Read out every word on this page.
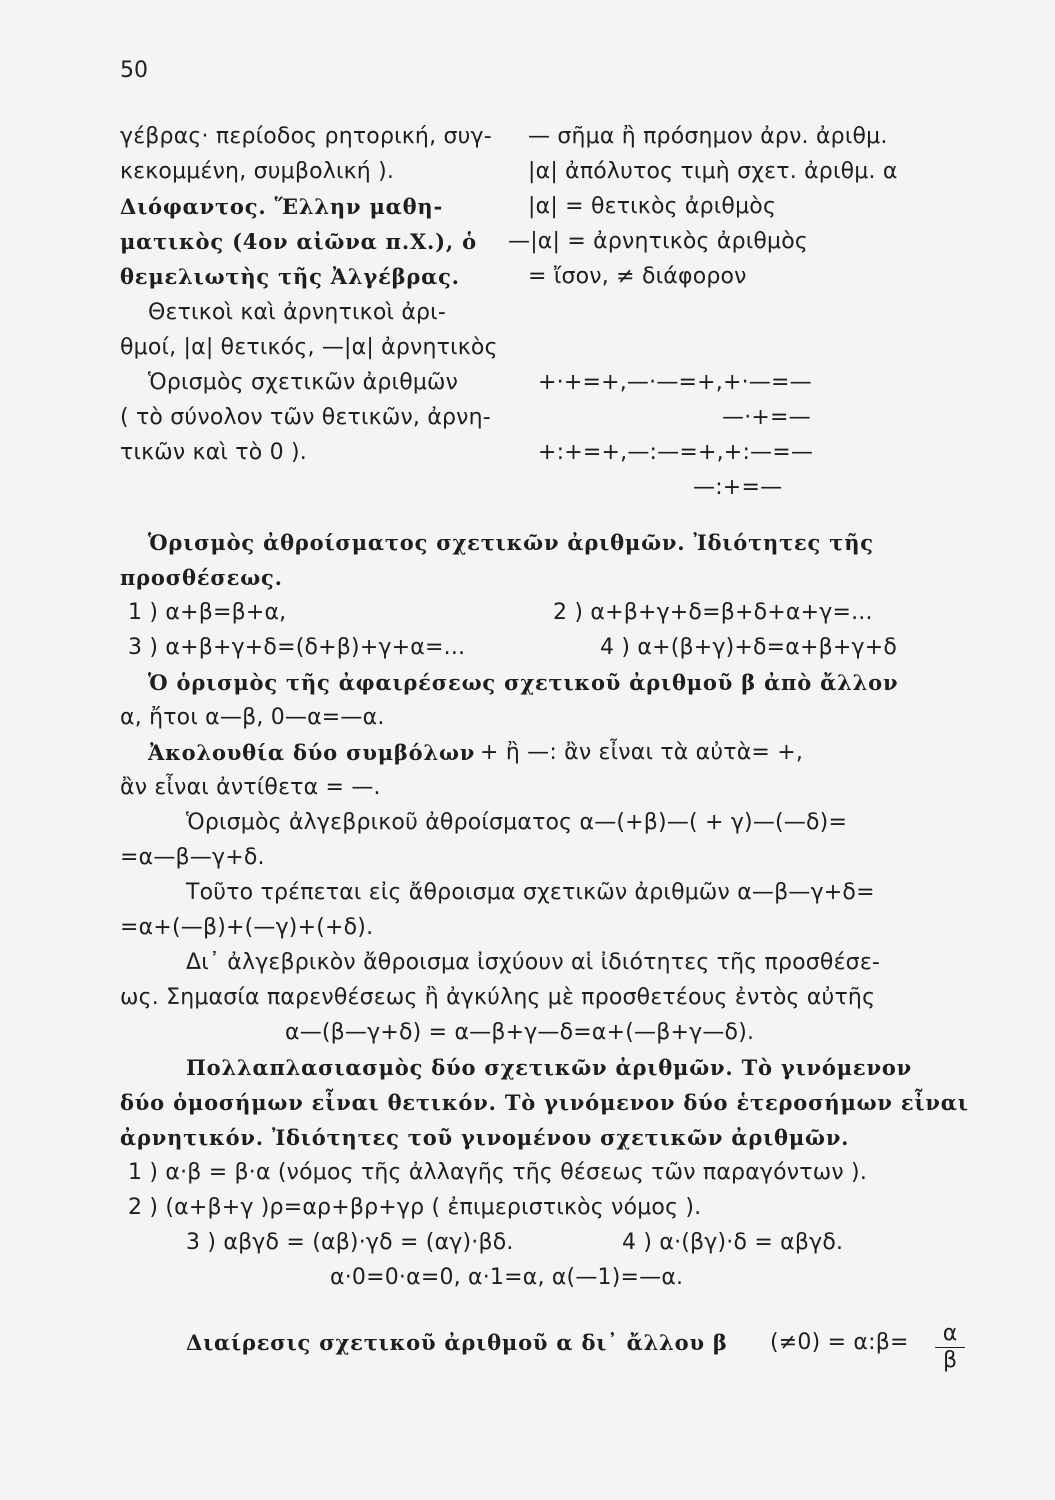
50
γέβρας· περίοδος ρητορική, συγ-
κεκομμένη, συμβολική ).
Διόφαντος. Ἕλλην μαθη-
ματικὸς (4ον αἰῶνα π.Χ.), ὁ
θεμελιωτὴς τῆς Ἀλγέβρας.
Θετικοὶ καὶ ἀρνητικοὶ ἀρι-
θμοί, |α| θετικός, —|α| ἀρνητικὸς
Ὁρισμὸς σχετικῶν ἀριθμῶν
( τὸ σύνολον τῶν θετικῶν, ἀρνη-
τικῶν καὶ τὸ 0 ).
— σῆμα ἢ πρόσημον ἀρν. ἀριθμ.
|α| ἀπόλυτος τιμὴ σχετ. ἀριθμ. α
|α| = θετικὸς ἀριθμὸς
—|α| = ἀρνητικὸς ἀριθμὸς
= ἴσον, ≠ διάφορον
+·+=+,—·—=+,+·—=—
—·+=—
+:+=+,—:—=+,+:—=—
—:+=—
Ὁρισμὸς ἀθροίσματος σχετικῶν ἀριθμῶν. Ἰδιότητες τῆς
προσθέσεως.
1 ) α+β=β+α,	2 ) α+β+γ+δ=β+δ+α+γ=...
3 ) α+β+γ+δ=(δ+β)+γ+α=...	4 ) α+(β+γ)+δ=α+β+γ+δ
Ὁ ὁρισμὸς τῆς ἀφαιρέσεως σχετικοῦ ἀριθμοῦ β ἀπὸ ἄλλον
α, ἤτοι α—β, 0—α=—α.
Ἀκολουθία δύο συμβόλων + ἢ —: ἂν εἶναι τὰ αὐτὰ= +,
ἂν εἶναι ἀντίθετα = —.
Ὁρισμὸς ἀλγεβρικοῦ ἀθροίσματος α—(+β)—( + γ)—(—δ)=
=α—β—γ+δ.
Τοῦτο τρέπεται εἰς ἄθροισμα σχετικῶν ἀριθμῶν α—β—γ+δ=
=α+(—β)+(—γ)+(+δ).
Δι᾽ ἀλγεβρικὸν ἄθροισμα ἰσχύουν αἱ ἰδιότητες τῆς προσθέσε-
ως. Σημασία παρενθέσεως ἢ ἀγκύλης μὲ προσθετέους ἐντὸς αὐτῆς
α—(β—γ+δ) = α—β+γ—δ=α+(—β+γ—δ).
Πολλαπλασιασμὸς δύο σχετικῶν ἀριθμῶν. Τὸ γινόμενον
δύο ὁμοσήμων εἶναι θετικόν. Τὸ γινόμενον δύο ἑτεροσήμων εἶναι
ἀρνητικόν. Ἰδιότητες τοῦ γινομένου σχετικῶν ἀριθμῶν.
1 ) α·β = β·α (νόμος τῆς ἀλλαγῆς τῆς θέσεως τῶν παραγόντων ).
2 ) (α+β+γ )ρ=αρ+βρ+γρ ( ἐπιμεριστικὸς νόμος ).
3 ) αβγδ = (αβ)·γδ = (αγ)·βδ.	4 ) α·(βγ)·δ = αβγδ.
α·0=0·α=0, α·1=α, α(—1)=—α.
Διαίρεσις σχετικοῦ ἀριθμοῦ α δι᾽ ἄλλου β (≠0) = α:β=	α
β
